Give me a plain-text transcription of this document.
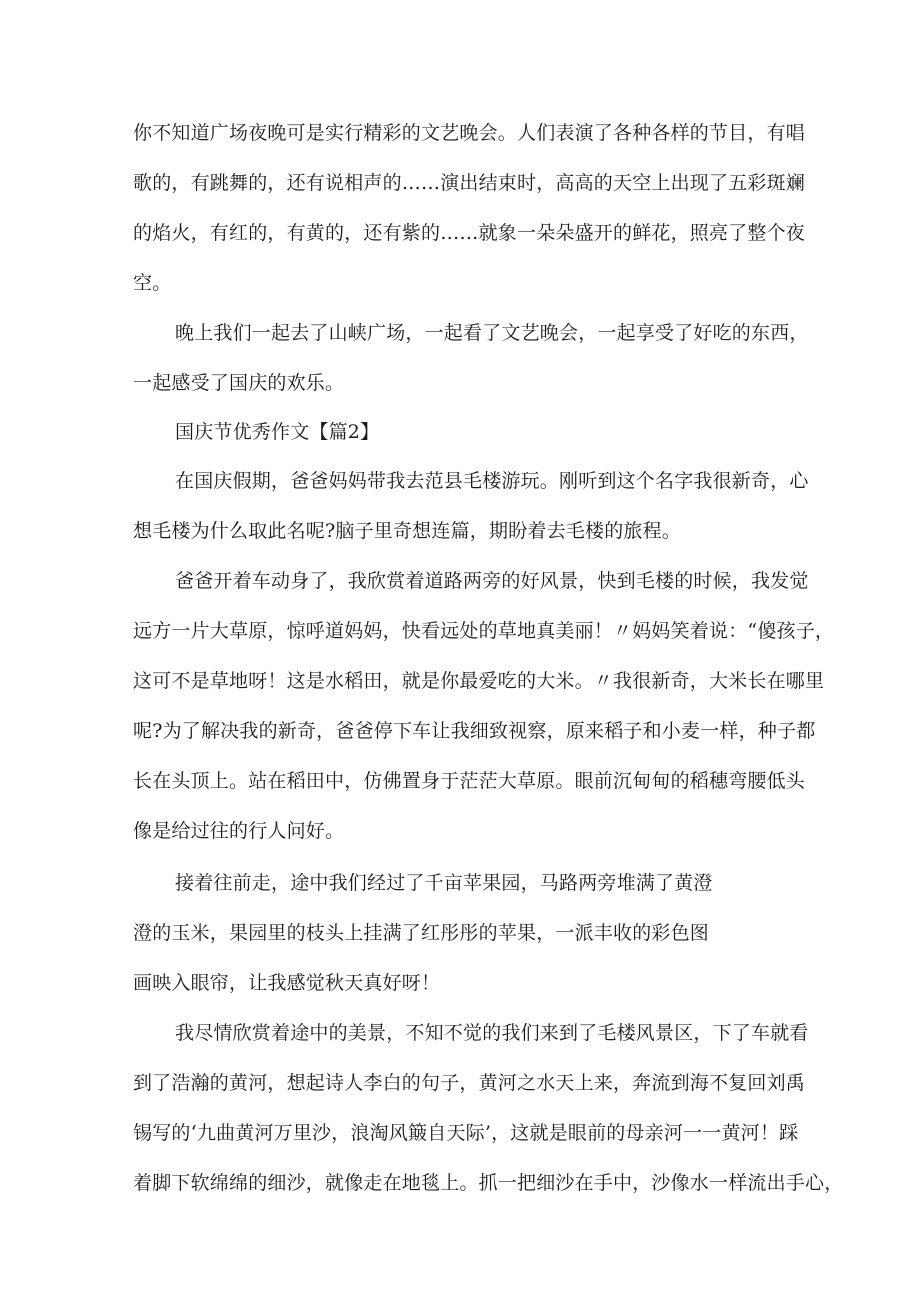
你不知道广场夜晚可是实行精彩的文艺晚会。人们表演了各种各样的节目，有唱
歌的，有跳舞的，还有说相声的……演出结束时，高高的天空上出现了五彩斑斓
的焰火，有红的，有黄的，还有紫的……就象一朵朵盛开的鲜花，照亮了整个夜
空。
晚上我们一起去了山峡广场，一起看了文艺晚会，一起享受了好吃的东西，
一起感受了国庆的欢乐。
国庆节优秀作文【篇2】
在国庆假期，爸爸妈妈带我去范县毛楼游玩。刚听到这个名字我很新奇，心
想毛楼为什么取此名呢?脑子里奇想连篇，期盼着去毛楼的旅程。
爸爸开着车动身了，我欣赏着道路两旁的好风景，快到毛楼的时候，我发觉
远方一片大草原，惊呼道妈妈，快看远处的草地真美丽！〃妈妈笑着说：“傻孩子，
这可不是草地呀！这是水稻田，就是你最爱吃的大米。〃我很新奇，大米长在哪里
呢?为了解决我的新奇，爸爸停下车让我细致视察，原来稻子和小麦一样，种子都
长在头顶上。站在稻田中，仿佛置身于茫茫大草原。眼前沉甸甸的稻穗弯腰低头
像是给过往的行人问好。
接着往前走，途中我们经过了千亩苹果园，马路两旁堆满了黄澄
澄的玉米，果园里的枝头上挂满了红彤彤的苹果，一派丰收的彩色图
画映入眼帘，让我感觉秋天真好呀！
我尽情欣赏着途中的美景，不知不觉的我们来到了毛楼风景区，下了车就看
到了浩瀚的黄河，想起诗人李白的句子，黄河之水天上来，奔流到海不复回刘禹
锡写的‘九曲黄河万里沙，浪淘风簸自天际’，这就是眼前的母亲河一一黄河！踩
着脚下软绵绵的细沙，就像走在地毯上。抓一把细沙在手中，沙像水一样流出手心，
